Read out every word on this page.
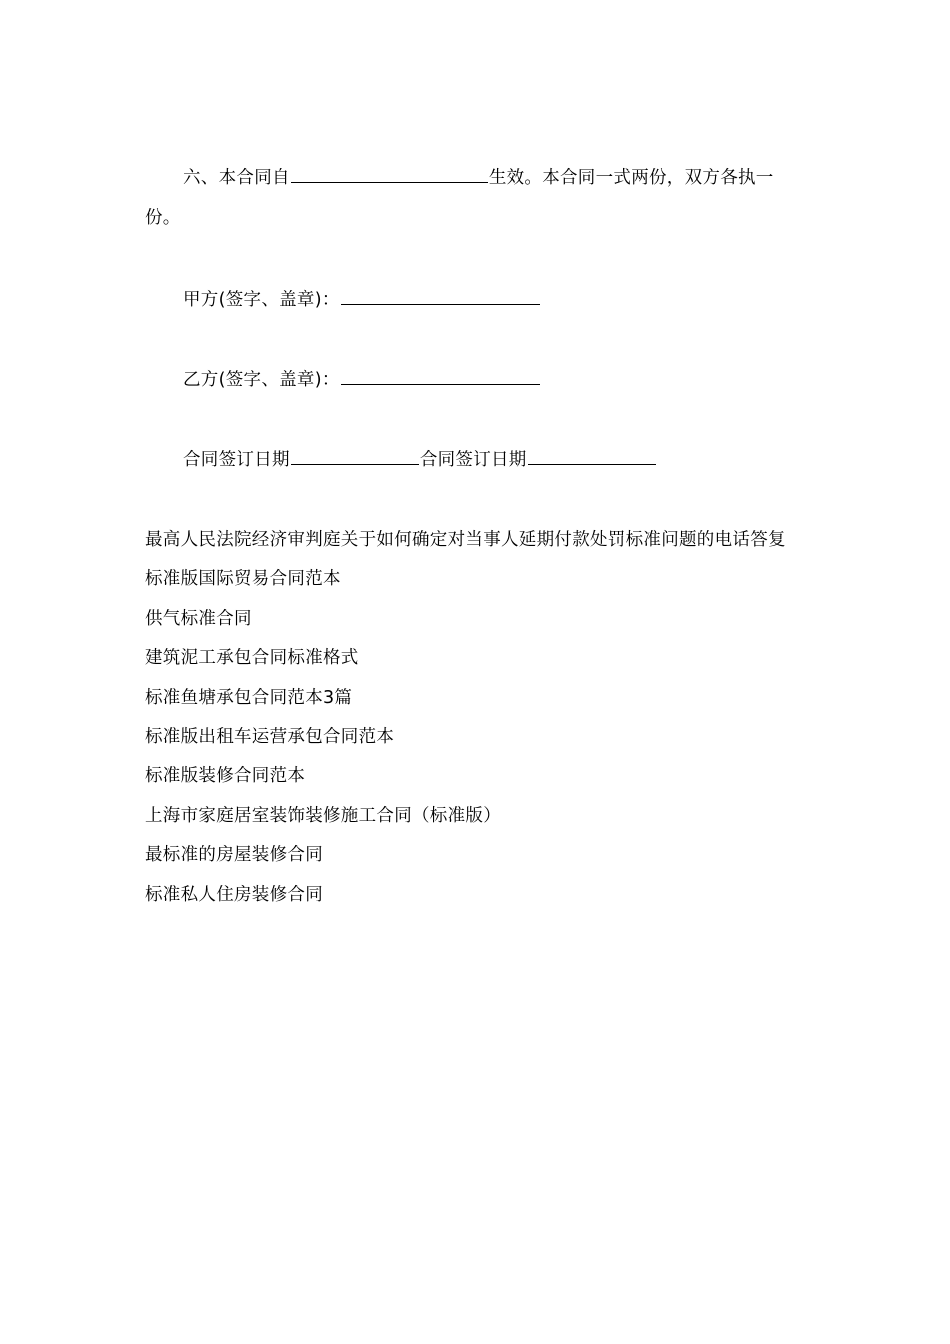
六、本合同自	生效。本合同一式两份，双方各执一
份。
甲方(签字、盖章)：
乙方(签字、盖章)：
合同签订日期	合同签订日期
最高人民法院经济审判庭关于如何确定对当事人延期付款处罚标准问题的电话答复
标准版国际贸易合同范本
供气标准合同
建筑泥工承包合同标准格式
标准鱼塘承包合同范本3篇
标准版出租车运营承包合同范本
标准版装修合同范本
上海市家庭居室装饰装修施工合同（标准版）
最标准的房屋装修合同
标准私人住房装修合同
